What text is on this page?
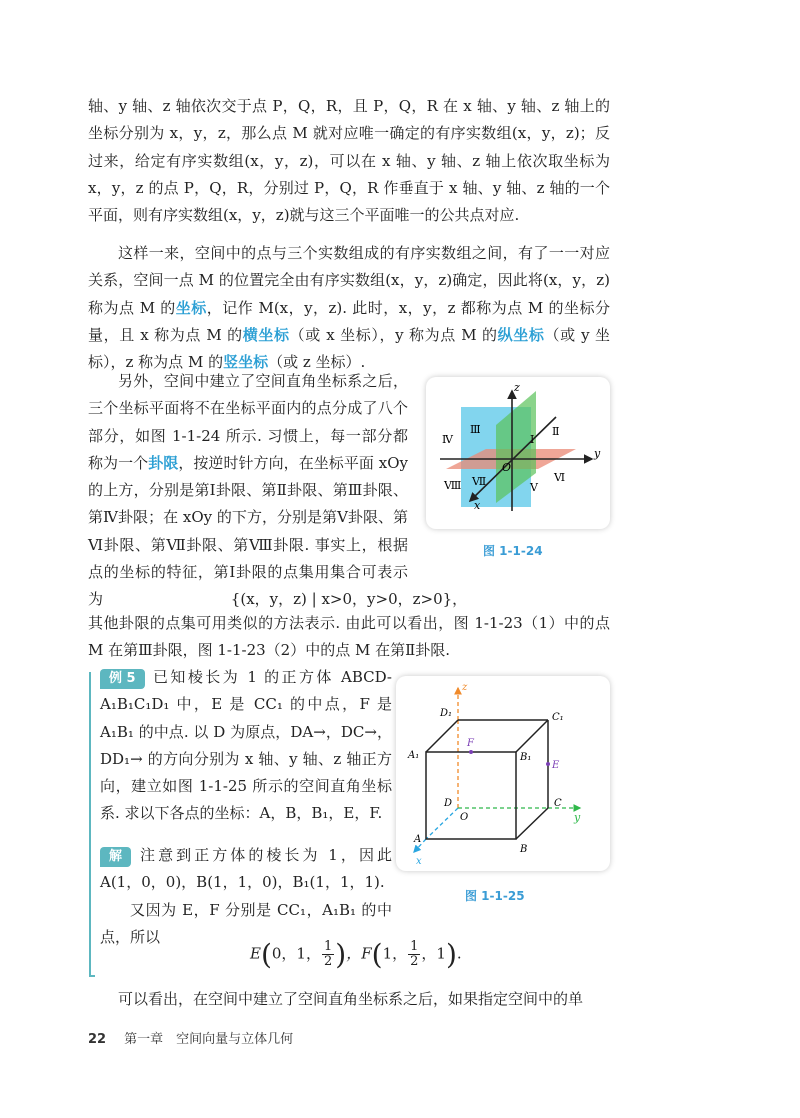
轴、y 轴、z 轴依次交于点 P，Q，R，且 P，Q，R 在 x 轴、y 轴、z 轴上的坐标分别为 x，y，z，那么点 M 就对应唯一确定的有序实数组(x，y，z)；反过来，给定有序实数组(x，y，z)，可以在 x 轴、y 轴、z 轴上依次取坐标为 x，y，z 的点 P，Q，R，分别过 P，Q，R 作垂直于 x 轴、y 轴、z 轴的一个平面，则有序实数组(x，y，z)就与这三个平面唯一的公共点对应.

这样一来，空间中的点与三个实数组成的有序实数组之间，有了一一对应关系，空间一点 M 的位置完全由有序实数组(x，y，z)确定，因此将(x，y，z)称为点 M 的坐标，记作 M(x，y，z). 此时，x，y，z 都称为点 M 的坐标分量，且 x 称为点 M 的横坐标（或 x 坐标），y 称为点 M 的纵坐标（或 y 坐标），z 称为点 M 的竖坐标（或 z 坐标）.

另外，空间中建立了空间直角坐标系之后，三个坐标平面将不在坐标平面内的点分成了八个部分，如图 1-1-24 所示. 习惯上，每一部分都称为一个卦限，按逆时针方向，在坐标平面 xOy 的上方，分别是第Ⅰ卦限、第Ⅱ卦限、第Ⅲ卦限、第Ⅳ卦限；在 xOy 的下方，分别是第Ⅴ卦限、第Ⅵ卦限、第Ⅶ卦限、第Ⅷ卦限. 事实上，根据点的坐标的特征，第Ⅰ卦限的点集用集合可表示为

z
y
x
O
Ⅰ
Ⅱ
Ⅲ
Ⅳ
Ⅴ
Ⅵ
Ⅶ
Ⅷ
图 1-1-24

{(x，y，z) | x>0，y>0，z>0}，

其他卦限的点集可用类似的方法表示. 由此可以看出，图 1-1-23（1）中的点 M 在第Ⅲ卦限，图 1-1-23（2）中的点 M 在第Ⅱ卦限.

例 5 已知棱长为 1 的正方体 ABCD-A₁B₁C₁D₁ 中，E 是 CC₁ 的中点，F 是 A₁B₁ 的中点. 以 D 为原点，DA→，DC→，DD₁→ 的方向分别为 x 轴、y 轴、z 轴正方向，建立如图 1-1-25 所示的空间直角坐标系. 求以下各点的坐标：A，B，B₁，E，F.

解 注意到正方体的棱长为 1，因此 A(1，0，0)，B(1，1，0)，B₁(1，1，1).

又因为 E，F 分别是 CC₁，A₁B₁ 的中点，所以

E(0，1， $\frac{1}{2}$ )，F(1， $\frac{1}{2}$ ，1).
z
y
x
D₁	C₁
A₁	B₁
F
E
D
O
C
A
B
图 1-1-25

可以看出，在空间中建立了空间直角坐标系之后，如果指定空间中的单

22 第一章　空间向量与立体几何
